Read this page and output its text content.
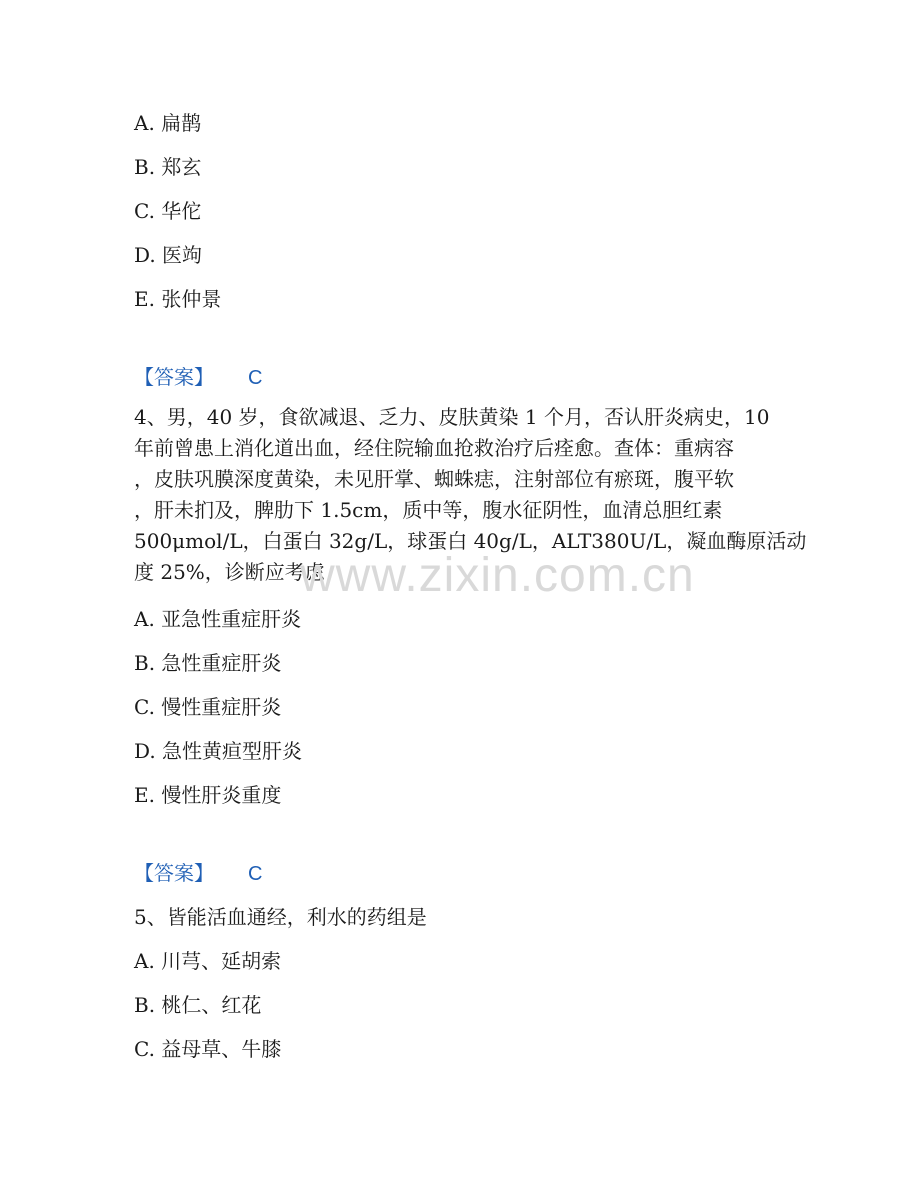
A. 扁鹊
B. 郑玄
C. 华佗
D. 医竘
E. 张仲景
【答案】 C
4、男，40 岁，食欲减退、乏力、皮肤黄染 1 个月，否认肝炎病史，10
年前曾患上消化道出血，经住院输血抢救治疗后痊愈。查体：重病容
，皮肤巩膜深度黄染，未见肝掌、蜘蛛痣，注射部位有瘀斑，腹平软
，肝未扪及，脾肋下 1.5cm，质中等，腹水征阴性，血清总胆红素
500μmol/L，白蛋白 32g/L，球蛋白 40g/L，ALT380U/L，凝血酶原活动
度 25%，诊断应考虑
A. 亚急性重症肝炎
B. 急性重症肝炎
C. 慢性重症肝炎
D. 急性黄疸型肝炎
E. 慢性肝炎重度
【答案】 C
5、皆能活血通经，利水的药组是
A. 川芎、延胡索
B. 桃仁、红花
C. 益母草、牛膝
www.zixin.com.cn
